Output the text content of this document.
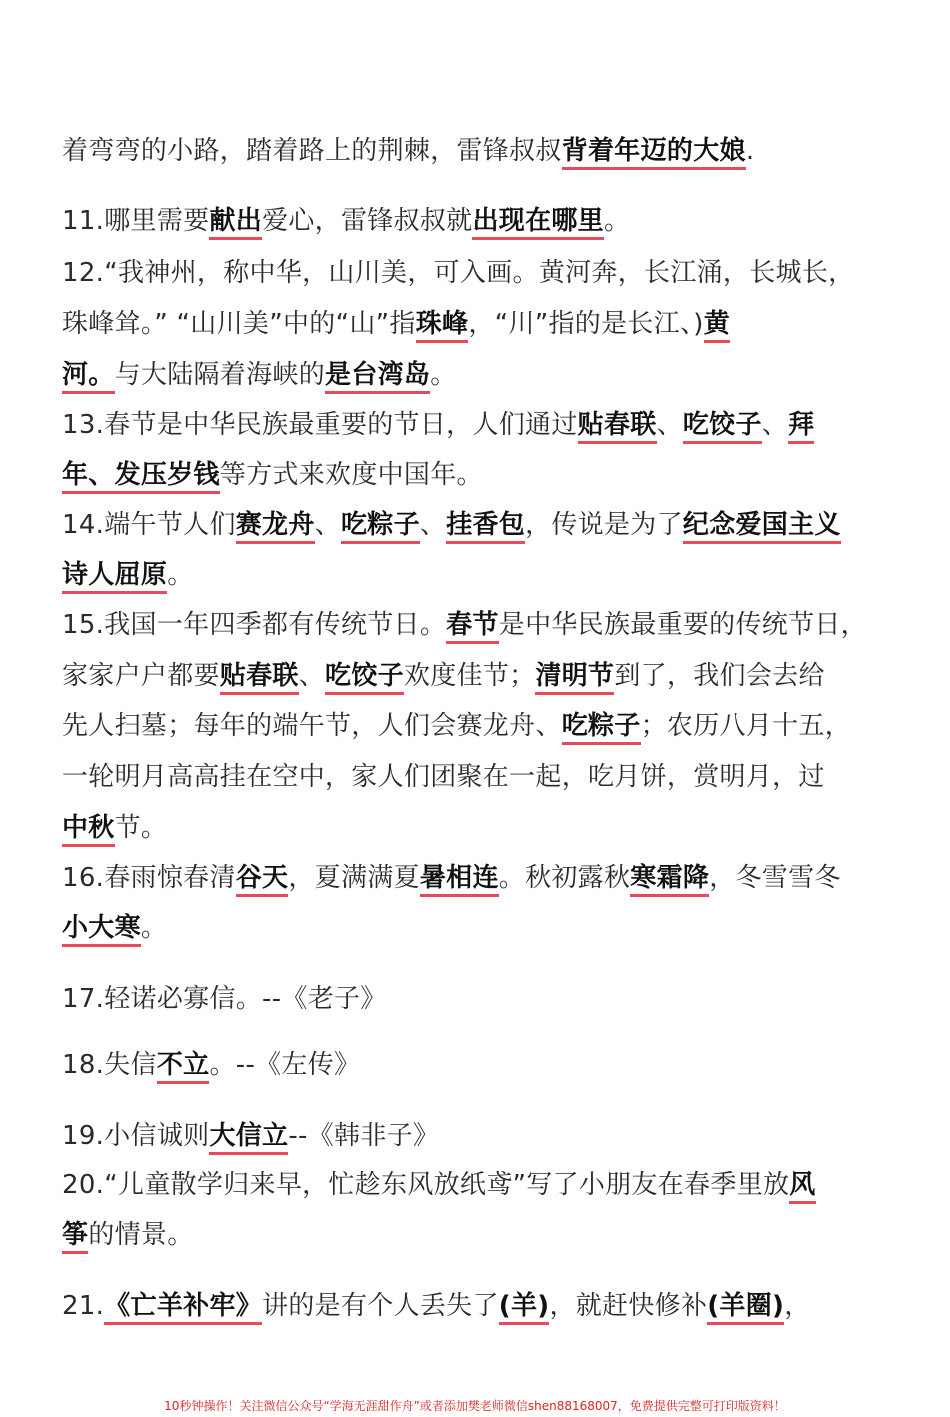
着弯弯的小路，踏着路上的荆棘，雷锋叔叔背着年迈的大娘.
11.哪里需要献出爱心，雷锋叔叔就出现在哪里。
12.“我神州，称中华，山川美，可入画。黄河奔，长江涌，长城长，
珠峰耸。” “山川美”中的“山”指珠峰，“川”指的是长江、)黄
河。与大陆隔着海峡的是台湾岛。
13.春节是中华民族最重要的节日，人们通过贴春联、吃饺子、拜
年、发压岁钱等方式来欢度中国年。
14.端午节人们赛龙舟、吃粽子、挂香包，传说是为了纪念爱国主义
诗人屈原。
15.我国一年四季都有传统节日。春节是中华民族最重要的传统节日，
家家户户都要贴春联、吃饺子欢度佳节；清明节到了，我们会去给
先人扫墓；每年的端午节，人们会赛龙舟、吃粽子；农历八月十五，
一轮明月高高挂在空中，家人们团聚在一起，吃月饼，赏明月，过
中秋节。
16.春雨惊春清谷天，夏满满夏暑相连。秋初露秋寒霜降，冬雪雪冬
小大寒。
17.轻诺必寡信。--《老子》
18.失信不立。--《左传》
19.小信诚则大信立--《韩非子》
20.“儿童散学归来早，忙趁东风放纸鸢”写了小朋友在春季里放风
筝的情景。
21.《亡羊补牢》讲的是有个人丢失了(羊)，就赶快修补(羊圈)，
10秒钟操作！关注微信公众号“学海无涯甜作舟”或者添加樊老师微信shen88168007，免费提供完整可打印版资料！
